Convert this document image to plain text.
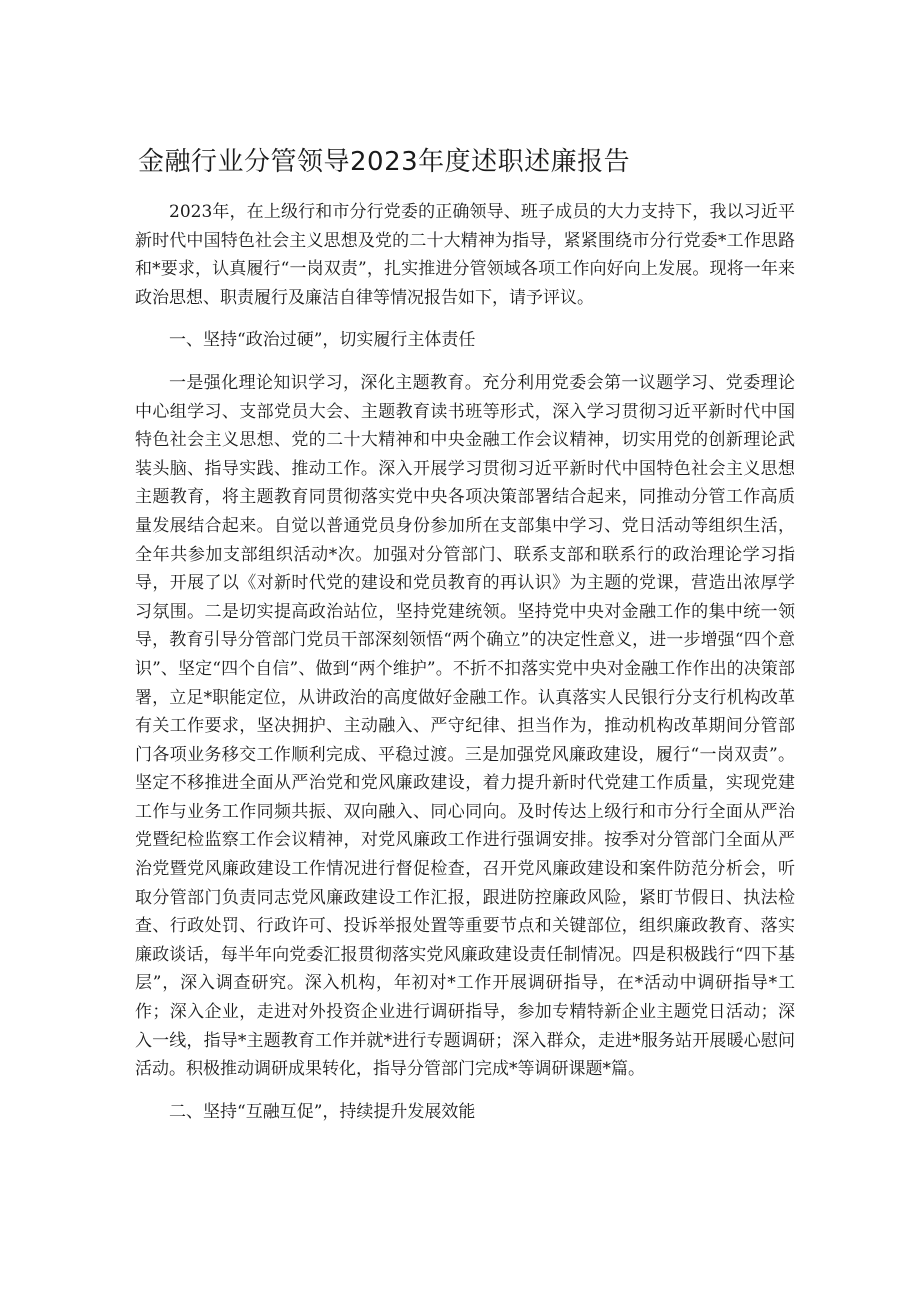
金融行业分管领导2023年度述职述廉报告

2023年，在上级行和市分行党委的正确领导、班子成员的大力支持下，我以习近平新时代中国特色社会主义思想及党的二十大精神为指导，紧紧围绕市分行党委*工作思路和*要求，认真履行“一岗双责”，扎实推进分管领域各项工作向好向上发展。现将一年来政治思想、职责履行及廉洁自律等情况报告如下，请予评议。

一、坚持“政治过硬”，切实履行主体责任

一是强化理论知识学习，深化主题教育。充分利用党委会第一议题学习、党委理论中心组学习、支部党员大会、主题教育读书班等形式，深入学习贯彻习近平新时代中国特色社会主义思想、党的二十大精神和中央金融工作会议精神，切实用党的创新理论武装头脑、指导实践、推动工作。深入开展学习贯彻习近平新时代中国特色社会主义思想主题教育，将主题教育同贯彻落实党中央各项决策部署结合起来，同推动分管工作高质量发展结合起来。自觉以普通党员身份参加所在支部集中学习、党日活动等组织生活，全年共参加支部组织活动*次。加强对分管部门、联系支部和联系行的政治理论学习指导，开展了以《对新时代党的建设和党员教育的再认识》为主题的党课，营造出浓厚学习氛围。二是切实提高政治站位，坚持党建统领。坚持党中央对金融工作的集中统一领导，教育引导分管部门党员干部深刻领悟“两个确立”的决定性意义，进一步增强“四个意识”、坚定“四个自信”、做到“两个维护”。不折不扣落实党中央对金融工作作出的决策部署，立足*职能定位，从讲政治的高度做好金融工作。认真落实人民银行分支行机构改革有关工作要求，坚决拥护、主动融入、严守纪律、担当作为，推动机构改革期间分管部门各项业务移交工作顺利完成、平稳过渡。三是加强党风廉政建设，履行“一岗双责”。坚定不移推进全面从严治党和党风廉政建设，着力提升新时代党建工作质量，实现党建工作与业务工作同频共振、双向融入、同心同向。及时传达上级行和市分行全面从严治党暨纪检监察工作会议精神，对党风廉政工作进行强调安排。按季对分管部门全面从严治党暨党风廉政建设工作情况进行督促检查，召开党风廉政建设和案件防范分析会，听取分管部门负责同志党风廉政建设工作汇报，跟进防控廉政风险，紧盯节假日、执法检查、行政处罚、行政许可、投诉举报处置等重要节点和关键部位，组织廉政教育、落实廉政谈话，每半年向党委汇报贯彻落实党风廉政建设责任制情况。四是积极践行“四下基层”，深入调查研究。深入机构，年初对*工作开展调研指导，在*活动中调研指导*工作；深入企业，走进对外投资企业进行调研指导，参加专精特新企业主题党日活动；深入一线，指导*主题教育工作并就*进行专题调研；深入群众，走进*服务站开展暖心慰问活动。积极推动调研成果转化，指导分管部门完成*等调研课题*篇。

二、坚持“互融互促”，持续提升发展效能
